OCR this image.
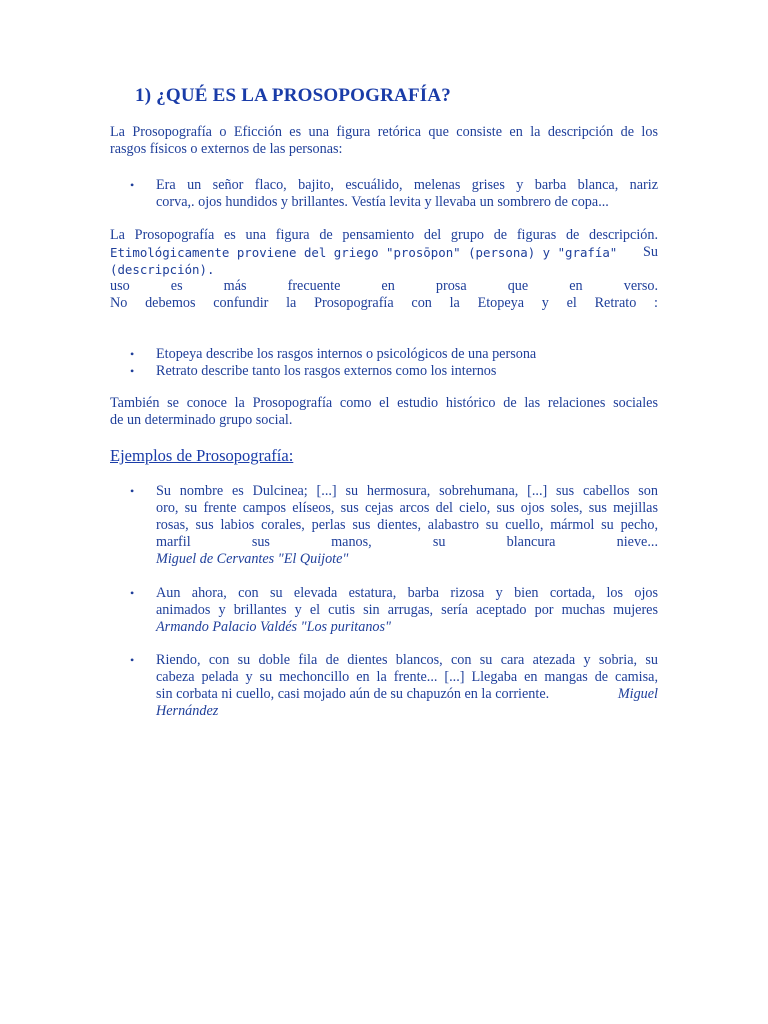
1) ¿QUÉ ES LA PROSOPOGRAFÍA?
La Prosopografía o Eficción es una figura retórica que consiste en la descripción de los
rasgos físicos o externos de las personas:
• Era un señor flaco, bajito, escuálido, melenas grises y barba blanca, nariz
corva,. ojos hundidos y brillantes. Vestía levita y llevaba un sombrero de copa...
La Prosopografía es una figura de pensamiento del grupo de figuras de descripción.
Etimológicamente proviene del griego "prosōpon" (persona) y "grafía" (descripción).
Su
uso es más frecuente en prosa que en verso.
No debemos confundir la Prosopografía con la Etopeya y el Retrato :
• Etopeya describe los rasgos internos o psicológicos de una persona
• Retrato describe tanto los rasgos externos como los internos
También se conoce la Prosopografía como el estudio histórico de las relaciones sociales
de un determinado grupo social.
Ejemplos de Prosopografía:
• Su nombre es Dulcinea; [...] su hermosura, sobrehumana, [...] sus cabellos son
oro, su frente campos elíseos, sus cejas arcos del cielo, sus ojos soles, sus mejillas
rosas, sus labios corales, perlas sus dientes, alabastro su cuello, mármol su pecho,
marfil sus manos, su blancura nieve...
Miguel de Cervantes "El Quijote"
• Aun ahora, con su elevada estatura, barba rizosa y bien cortada, los ojos
animados y brillantes y el cutis sin arrugas, sería aceptado por muchas mujeres
Armando Palacio Valdés "Los puritanos"
• Riendo, con su doble fila de dientes blancos, con su cara atezada y sobria, su
cabeza pelada y su mechoncillo en la frente... [...] Llegaba en mangas de camisa,
sin corbata ni cuello, casi mojado aún de su chapuzón en la corriente.	Miguel
Hernández
